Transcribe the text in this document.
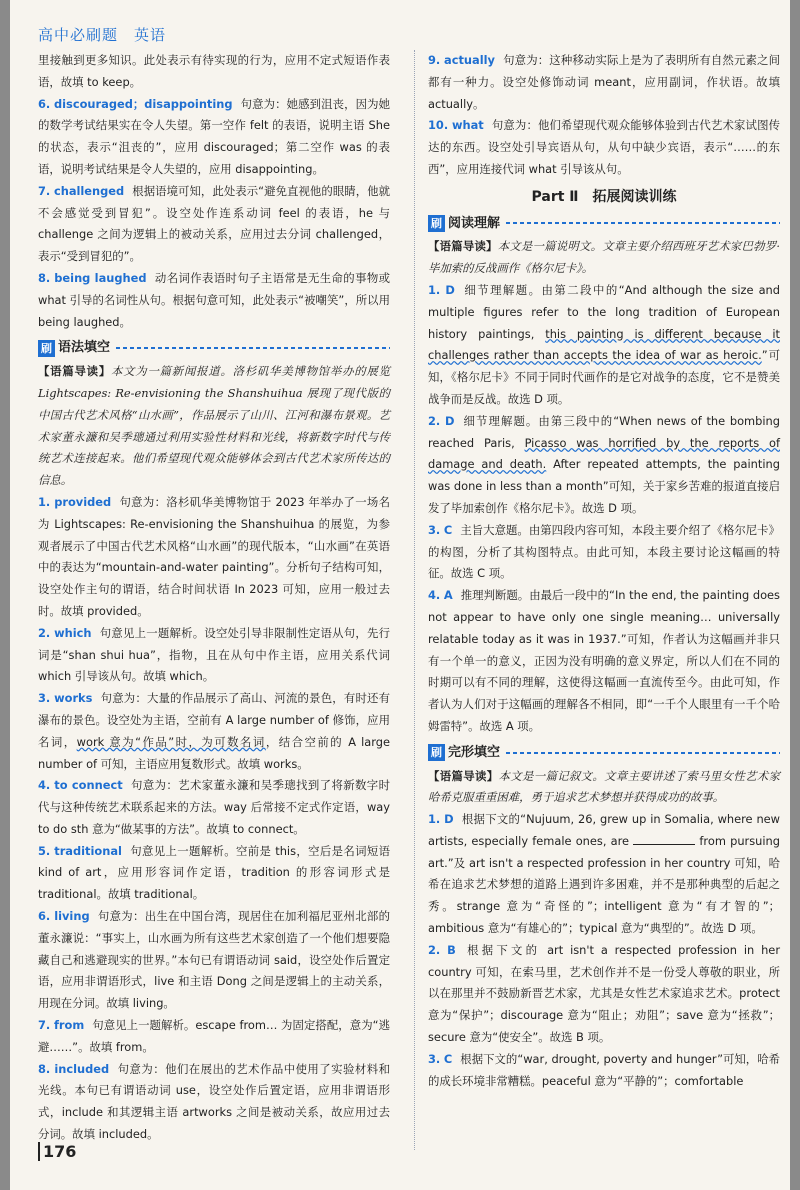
高中必刷题　英语

里接触到更多知识。此处表示有待实现的行为，应用不定式短语作表语，故填 to keep。

6. discouraged；disappointing 句意为：她感到沮丧，因为她的数学考试结果实在令人失望。第一空作 felt 的表语，说明主语 She 的状态，表示“沮丧的”，应用 discouraged；第二空作 was 的表语，说明考试结果是令人失望的，应用 disappointing。

7. challenged 根据语境可知，此处表示“避免直视他的眼睛，他就不会感觉受到冒犯”。设空处作连系动词 feel 的表语，he 与 challenge 之间为逻辑上的被动关系，应用过去分词 challenged，表示“受到冒犯的”。

8. being laughed 动名词作表语时句子主语常是无生命的事物或 what 引导的名词性从句。根据句意可知，此处表示“被嘲笑”，所以用 being laughed。

刷 语法填空

【语篇导读】本文为一篇新闻报道。洛杉矶华美博物馆举办的展览 Lightscapes: Re-envisioning the Shanshuihua 展现了现代版的中国古代艺术风格“山水画”，作品展示了山川、江河和瀑布景观。艺术家董永濂和吴季璁通过利用实验性材料和光线，将新数字时代与传统艺术连接起来。他们希望现代观众能够体会到古代艺术家所传达的信息。

1. provided 句意为：洛杉矶华美博物馆于 2023 年举办了一场名为 Lightscapes: Re-envisioning the Shanshuihua 的展览，为参观者展示了中国古代艺术风格“山水画”的现代版本，“山水画”在英语中的表达为“mountain-and-water painting”。分析句子结构可知，设空处作主句的谓语，结合时间状语 In 2023 可知，应用一般过去时。故填 provided。

2. which 句意见上一题解析。设空处引导非限制性定语从句，先行词是“shan shui hua”，指物，且在从句中作主语，应用关系代词 which 引导该从句。故填 which。

3. works 句意为：大量的作品展示了高山、河流的景色，有时还有瀑布的景色。设空处为主语，空前有 A large number of 修饰，应用名词，work 意为“作品”时，为可数名词，结合空前的 A large number of 可知，主语应用复数形式。故填 works。

4. to connect 句意为：艺术家董永濂和吴季璁找到了将新数字时代与这种传统艺术联系起来的方法。way 后常接不定式作定语，way to do sth 意为“做某事的方法”。故填 to connect。

5. traditional 句意见上一题解析。空前是 this，空后是名词短语 kind of art，应用形容词作定语，tradition 的形容词形式是 traditional。故填 traditional。

6. living 句意为：出生在中国台湾，现居住在加利福尼亚州北部的董永濂说：“事实上，山水画为所有这些艺术家创造了一个他们想要隐藏自己和逃避现实的世界。”本句已有谓语动词 said，设空处作后置定语，应用非谓语形式，live 和主语 Dong 之间是逻辑上的主动关系，用现在分词。故填 living。

7. from 句意见上一题解析。escape from… 为固定搭配，意为“逃避……”。故填 from。

8. included 句意为：他们在展出的艺术作品中使用了实验材料和光线。本句已有谓语动词 use，设空处作后置定语，应用非谓语形式，include 和其逻辑主语 artworks 之间是被动关系，故应用过去分词。故填 included。

9. actually 句意为：这种移动实际上是为了表明所有自然元素之间都有一种力。设空处修饰动词 meant，应用副词，作状语。故填 actually。

10. what 句意为：他们希望现代观众能够体验到古代艺术家试图传达的东西。设空处引导宾语从句，从句中缺少宾语，表示“……的东西”，应用连接代词 what 引导该从句。

Part Ⅱ　拓展阅读训练
刷 阅读理解

【语篇导读】本文是一篇说明文。文章主要介绍西班牙艺术家巴勃罗·毕加索的反战画作《格尔尼卡》。

1. D 细节理解题。由第二段中的“And although the size and multiple figures refer to the long tradition of European history paintings, this painting is different because it challenges rather than accepts the idea of war as heroic.”可知，《格尔尼卡》不同于同时代画作的是它对战争的态度，它不是赞美战争而是反战。故选 D 项。

2. D 细节理解题。由第三段中的“When news of the bombing reached Paris, Picasso was horrified by the reports of damage and death. After repeated attempts, the painting was done in less than a month”可知，关于家乡苦难的报道直接启发了毕加索创作《格尔尼卡》。故选 D 项。

3. C 主旨大意题。由第四段内容可知，本段主要介绍了《格尔尼卡》的构图，分析了其构图特点。由此可知，本段主要讨论这幅画的特征。故选 C 项。

4. A 推理判断题。由最后一段中的“In the end, the painting does not appear to have only one single meaning… universally relatable today as it was in 1937.”可知，作者认为这幅画并非只有一个单一的意义，正因为没有明确的意义界定，所以人们在不同的时期可以有不同的理解，这使得这幅画一直流传至今。由此可知，作者认为人们对于这幅画的理解各不相同，即“一千个人眼里有一千个哈姆雷特”。故选 A 项。

刷 完形填空

【语篇导读】本文是一篇记叙文。文章主要讲述了索马里女性艺术家哈希克服重重困难，勇于追求艺术梦想并获得成功的故事。

1. D 根据下文的“Nujuum, 26, grew up in Somalia, where new artists, especially female ones, are	from pursuing art.”及 art isn't a respected profession in her country 可知，哈希在追求艺术梦想的道路上遇到许多困难，并不是那种典型的后起之秀。strange 意为“奇怪的”；intelligent 意为“有才智的”；ambitious 意为“有雄心的”；typical 意为“典型的”。故选 D 项。

2. B 根据下文的 art isn't a respected profession in her country 可知，在索马里，艺术创作并不是一份受人尊敬的职业，所以在那里并不鼓励新晋艺术家，尤其是女性艺术家追求艺术。protect 意为“保护”；discourage 意为“阻止；劝阻”；save 意为“拯救”；secure 意为“使安全”。故选 B 项。

3. C 根据下文的“war, drought, poverty and hunger”可知，哈希的成长环境非常糟糕。peaceful 意为“平静的”；comfortable

176
